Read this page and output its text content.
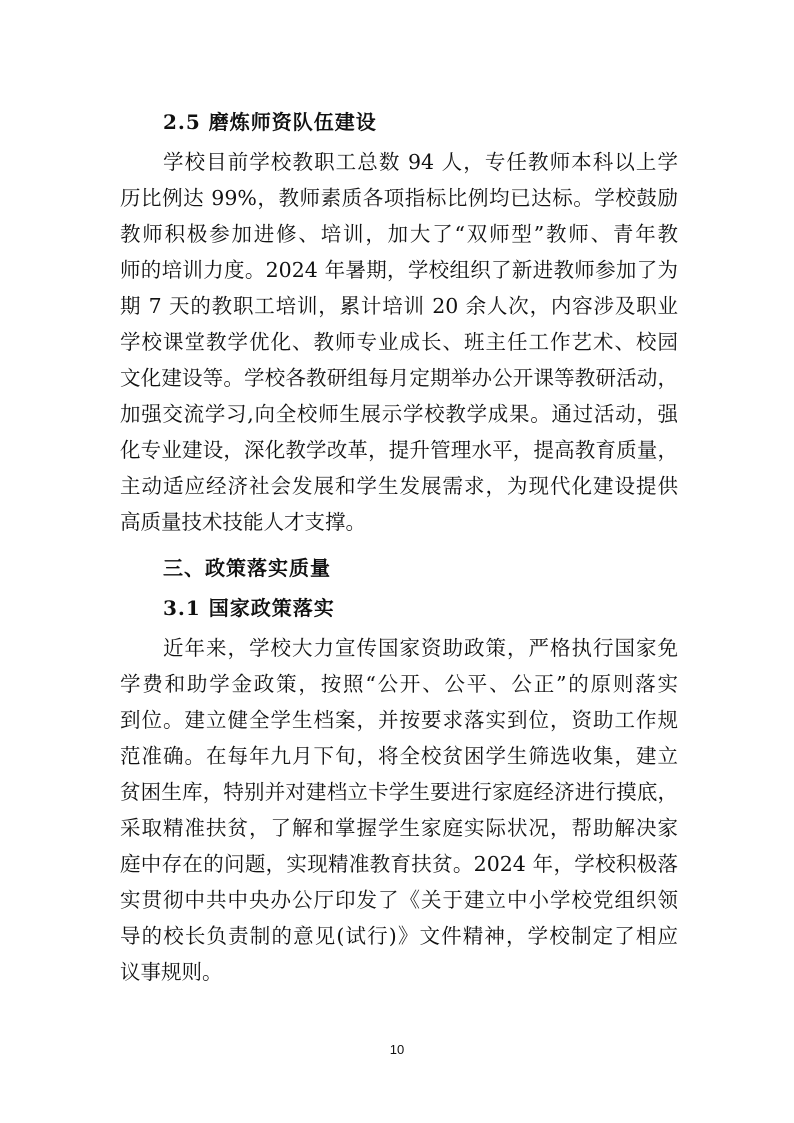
2.5 磨炼师资队伍建设
学校目前学校教职工总数 94 人，专任教师本科以上学
历比例达 99%，教师素质各项指标比例均已达标。学校鼓励
教师积极参加进修、培训，加大了“双师型”教师、青年教
师的培训力度。2024 年暑期，学校组织了新进教师参加了为
期 7 天的教职工培训，累计培训 20 余人次，内容涉及职业
学校课堂教学优化、教师专业成长、班主任工作艺术、校园
文化建设等。学校各教研组每月定期举办公开课等教研活动，
加强交流学习,向全校师生展示学校教学成果。通过活动，强
化专业建设，深化教学改革，提升管理水平，提高教育质量，
主动适应经济社会发展和学生发展需求，为现代化建设提供
高质量技术技能人才支撑。
三、政策落实质量
3.1 国家政策落实
近年来，学校大力宣传国家资助政策，严格执行国家免
学费和助学金政策，按照“公开、公平、公正”的原则落实
到位。建立健全学生档案，并按要求落实到位，资助工作规
范准确。在每年九月下旬，将全校贫困学生筛选收集，建立
贫困生库，特别并对建档立卡学生要进行家庭经济进行摸底，
采取精准扶贫，了解和掌握学生家庭实际状况，帮助解决家
庭中存在的问题，实现精准教育扶贫。2024 年，学校积极落
实贯彻中共中央办公厅印发了《关于建立中小学校党组织领
导的校长负责制的意见(试行)》文件精神，学校制定了相应
议事规则。
10
